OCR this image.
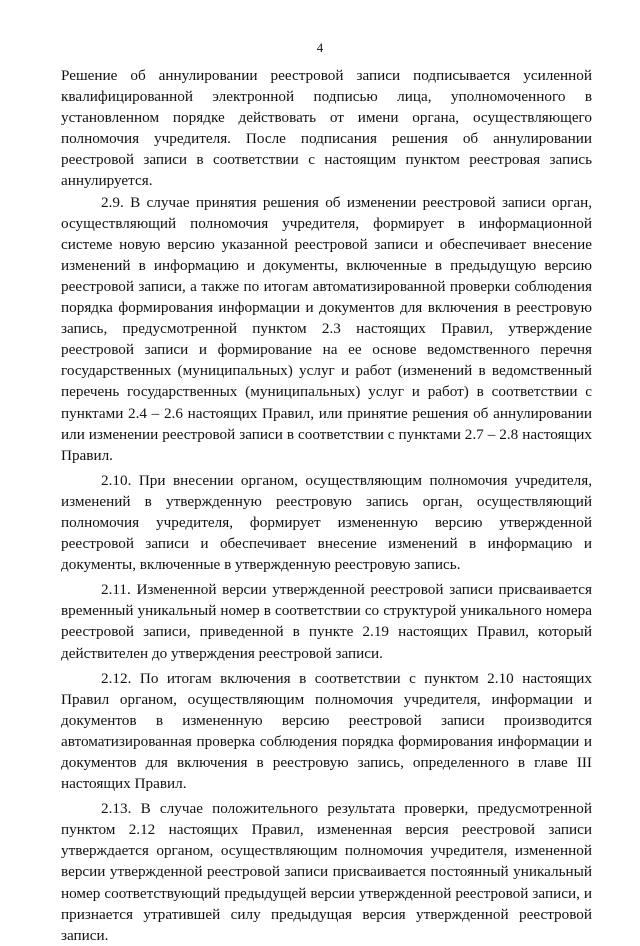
4

Решение об аннулировании реестровой записи подписывается усиленной квалифицированной электронной подписью лица, уполномоченного в установленном порядке действовать от имени органа, осуществляющего полномочия учредителя. После подписания решения об аннулировании реестровой записи в соответствии с настоящим пунктом реестровая запись аннулируется.

2.9. В случае принятия решения об изменении реестровой записи орган, осуществляющий полномочия учредителя, формирует в информационной системе новую версию указанной реестровой записи и обеспечивает внесение изменений в информацию и документы, включенные в предыдущую версию реестровой записи, а также по итогам автоматизированной проверки соблюдения порядка формирования информации и документов для включения в реестровую запись, предусмотренной пунктом 2.3 настоящих Правил, утверждение реестровой записи и формирование на ее основе ведомственного перечня государственных (муниципальных) услуг и работ (изменений в ведомственный перечень государственных (муниципальных) услуг и работ) в соответствии с пунктами 2.4 – 2.6 настоящих Правил, или принятие решения об аннулировании или изменении реестровой записи в соответствии с пунктами 2.7 – 2.8 настоящих Правил.

2.10. При внесении органом, осуществляющим полномочия учредителя, изменений в утвержденную реестровую запись орган, осуществляющий полномочия учредителя, формирует измененную версию утвержденной реестровой записи и обеспечивает внесение изменений в информацию и документы, включенные в утвержденную реестровую запись.

2.11. Измененной версии утвержденной реестровой записи присваивается временный уникальный номер в соответствии со структурой уникального номера реестровой записи, приведенной в пункте 2.19 настоящих Правил, который действителен до утверждения реестровой записи.

2.12. По итогам включения в соответствии с пунктом 2.10 настоящих Правил органом, осуществляющим полномочия учредителя, информации и документов в измененную версию реестровой записи производится автоматизированная проверка соблюдения порядка формирования информации и документов для включения в реестровую запись, определенного в главе III настоящих Правил.

2.13. В случае положительного результата проверки, предусмотренной пунктом 2.12 настоящих Правил, измененная версия реестровой записи утверждается органом, осуществляющим полномочия учредителя, измененной версии утвержденной реестровой записи присваивается постоянный уникальный номер соответствующий предыдущей версии утвержденной реестровой записи, и признается утратившей силу предыдущая версия утвержденной реестровой записи.
